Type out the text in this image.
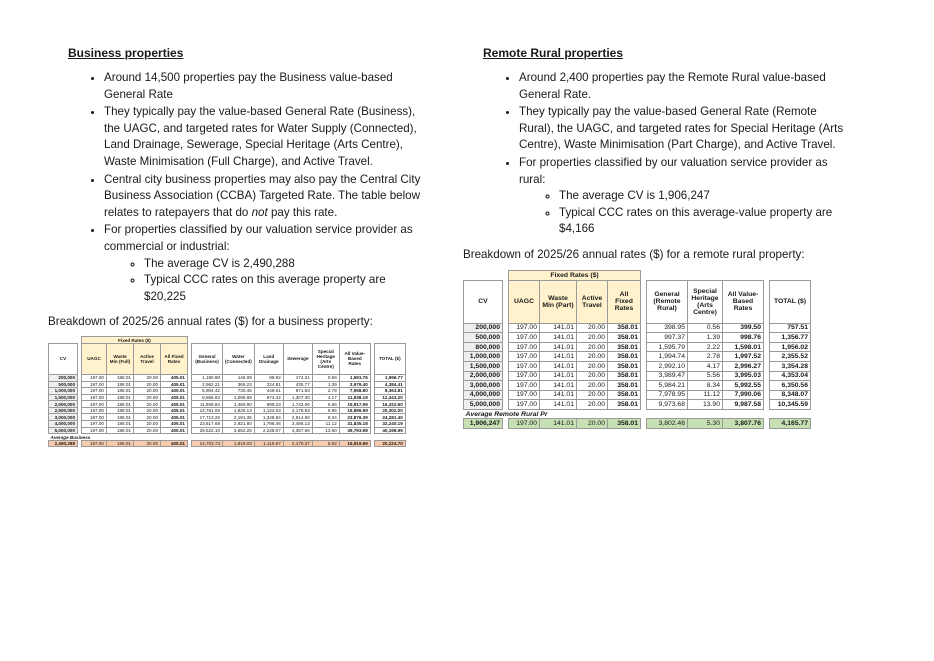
Business properties
• Around 14,500 properties pay the Business value-based General Rate
• They typically pay the value-based General Rate (Business), the UAGC, and targeted rates for Water Supply (Connected), Land Drainage, Sewerage, Special Heritage (Arts Centre), Waste Minimisation (Full Charge), and Active Travel.
• Central city business properties may also pay the Central City Business Association (CCBA) Targeted Rate. The table below relates to ratepayers that do not pay this rate.
• For properties classified by our valuation service provider as commercial or industrial:
◦ The average CV is 2,490,288
◦ Typical CCC rates on this average property are $20,225
Breakdown of 2025/26 annual rates ($) for a business property:
		Fixed Rates ($)												
CV		UAGC	Waste Min (Full)	Active Travel	All Fixed Rates		General (Business)	Water (Connected)	Land Drainage	Sewerage	Special Heritage (Arts Centre)	All Value-Based Rates		TOTAL ($)
200,000		197.00	188.01	20.00	405.01		1,180.88	146.09	89.92	174.31	0.56	1,591.76		1,996.77
500,000		197.00	188.01	20.00	405.01		2,962.21	365.23	224.81	435.77	1.39	3,979.40		4,384.41
1,000,000		197.00	188.01	20.00	405.01		5,904.42	730.45	449.61	871.53	2.78	7,958.80		8,363.81
1,500,000		197.00	188.01	20.00	405.01		8,856.63	1,095.68	674.42	1,307.30	4.17	11,938.19		12,343.20
2,000,000		197.00	188.01	20.00	405.01		11,808.84	1,460.90	899.23	1,743.06	5.56	15,917.59		16,322.60
2,500,000		197.00	188.01	20.00	405.01		14,761.05	1,826.13	1,124.03	2,178.83	6.95	19,896.99		20,302.00
3,000,000		197.00	188.01	20.00	405.01		17,713.26	2,191.35	1,348.84	2,614.60	8.34	23,876.39		24,281.40
4,000,000		197.00	188.01	20.00	405.01		23,617.68	2,921.80	1,798.46	3,486.13	11.12	31,835.18		32,240.19
5,000,000		197.00	188.01	20.00	405.01		29,522.10	3,652.25	2,248.07	4,357.66	13.90	39,793.98		40,198.99
Average Business														
2,490,288		197.00	188.01	20.00	405.01		14,703.73	1,819.03	1,119.67	2,170.37	6.92	19,819.69		20,224.70
Remote Rural properties
• Around 2,400 properties pay the Remote Rural value-based General Rate.
• They typically pay the value-based General Rate (Remote Rural), the UAGC, and targeted rates for Special Heritage (Arts Centre), Waste Minimisation (Part Charge), and Active Travel.
• For properties classified by our valuation service provider as rural:
◦ The average CV is 1,906,247
◦ Typical CCC rates on this average-value property are $4,166
Breakdown of 2025/26 annual rates ($) for a remote rural property:
		Fixed Rates ($)									
CV		UAGC	Waste Min (Part)	Active Travel	All Fixed Rates		General (Remote Rural)	Special Heritage (Arts Centre)	All Value-Based Rates		TOTAL ($)
200,000		197.00	141.01	20.00	358.01		398.95	0.56	399.50		757.51
500,000		197.00	141.01	20.00	358.01		997.37	1.39	998.76		1,356.77
800,000		197.00	141.01	20.00	358.01		1,595.79	2.22	1,598.01		1,956.02
1,000,000		197.00	141.01	20.00	358.01		1,994.74	2.78	1,997.52		2,355.52
1,500,000		197.00	141.01	20.00	358.01		2,992.10	4.17	2,996.27		3,354.28
2,000,000		197.00	141.01	20.00	358.01		3,989.47	5.56	3,995.03		4,353.04
3,000,000		197.00	141.01	20.00	358.01		5,984.21	8.34	5,992.55		6,350.56
4,000,000		197.00	141.01	20.00	358.01		7,978.95	11.12	7,990.06		8,348.07
5,000,000		197.00	141.01	20.00	358.01		9,973.68	13.90	9,987.58		10,345.59
Average Remote Rural Pr											
1,906,247		197.00	141.01	20.00	358.01		3,802.46	5.30	3,807.76		4,165.77
